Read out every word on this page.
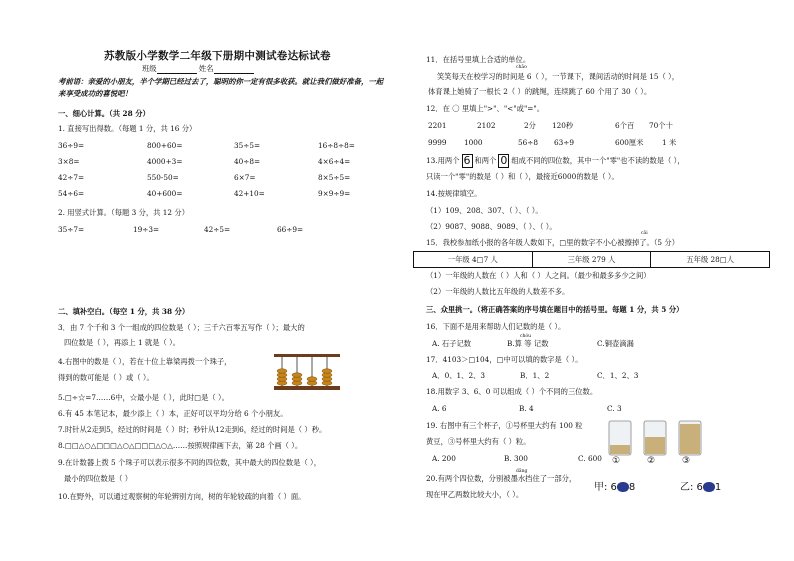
苏教版小学数学二年级下册期中测试卷达标试卷
班级	姓名
考前语：亲爱的小朋友，半个学期已经过去了，聪明的你一定有很多收获。就让我们做好准备，一起来享受成功的喜悦吧！
一、细心计算。（共 28 分）
1. 直接写出得数。（每题 1 分，共 16 分）
36÷9=	800+60=	35÷5=	16÷8÷8=
3×8=	4000+3=	40÷8=	4×6÷4=
42÷7=	550-50=	6×7=	8×5÷5=
54÷6=	40+600=	42+10=	9×9÷9=
2. 用竖式计算。（每题 3 分，共 12 分）
35÷7=	19÷3=	42÷5=	66÷9=
二、填补空白。（每空 1 分，共 38 分）
3．由 7 个千和 3 个一组成的四位数是（ ）；三千六百零五写作（ ）；最大的
四位数是（ ），再添上 1 就是（ ）。
4.右图中的数是（ ），若在十位上靠梁再拨一个珠子，
得到的数可能是（ ）或（ ）。
5.□÷☆=7……6中，☆最小是（ ），此时□是（ ）。
6.有 45 本笔记本，最少添上（ ）本，正好可以平均分给 6 个小朋友。
7.时针从2走到5，经过的时间是（ ）时；秒针从12走到6，经过的时间是（ ）秒。
8.□□△○△□□□△○△□□□△○△……按照规律画下去，第 28 个画（ ）。
9.在计数器上拨 5 个珠子可以表示很多不同的四位数，其中最大的四位数是（ ），
最小的四位数是（ ）
10.在野外，可以通过观察树的年轮辨别方向，树的年轮较疏的向着（ ）面。
11．在括号里填上合适的单位。
chǎo
笑笑每天在校学习的时间是 6（ ），一节课下，课间活动的时间是 15（ ），
体育课上她骑了一根长 2（ ）的跳绳，连续跳了 60 个用了 30（ ）。
12．在 〇 里填上">"、"<"或"="。
2201	2102	2分 120秒	6个百 70个十
9999 1000	56÷8 63÷9	600厘米	1 米
13.用两个 6 和两个 0 组成不同的四位数，其中一个"零"也不读的数是（ ），
只读一个"零"的数是（ ）和（ ），最接近6000的数是（ ）。
14.按规律填空。
（1）109、208、307、（ ）、（ ）。
（2）9087、9088、9089、（ ）、（ ）。
cǎi
15．我校参加纸小报的各年级人数如下，□里的数字不小心被擦掉了。（5 分）
一年级 4□7 人	三年级 279 人	五年级 28□人
（1）一年级的人数在（ ）人和（ ）人之间。（最少和最多多少之间）
（2）一年级的人数比五年级的人数差不多。
三、众里挑一。（将正确答案的序号填在题目中的括号里。每题 1 分，共 5 分）
16．下面不是用来帮助人们记数的是（ ）。
chóu
A. 石子记数	B.算 等 记数	C.铜壶滴漏
17．4103＞□104，□中可以填的数字是（ ）。
A．0、1、2、3	B．1、2	C．1、2、3
18.用数字 3、6、0 可以组成（ ）个不同的三位数。
A. 6	B. 4	C. 3
19. 右图中有三个杯子，①号杯里大约有 100 粒
黄豆，③号杯里大约有（ ）粒。
A. 200	B. 300	C. 600 ①	②	③
dǎng
20.有两个四位数，分别被墨水挡住了一部分，
现在甲乙两数比较大小，（ ）。
甲: 6 8	乙: 6 1
